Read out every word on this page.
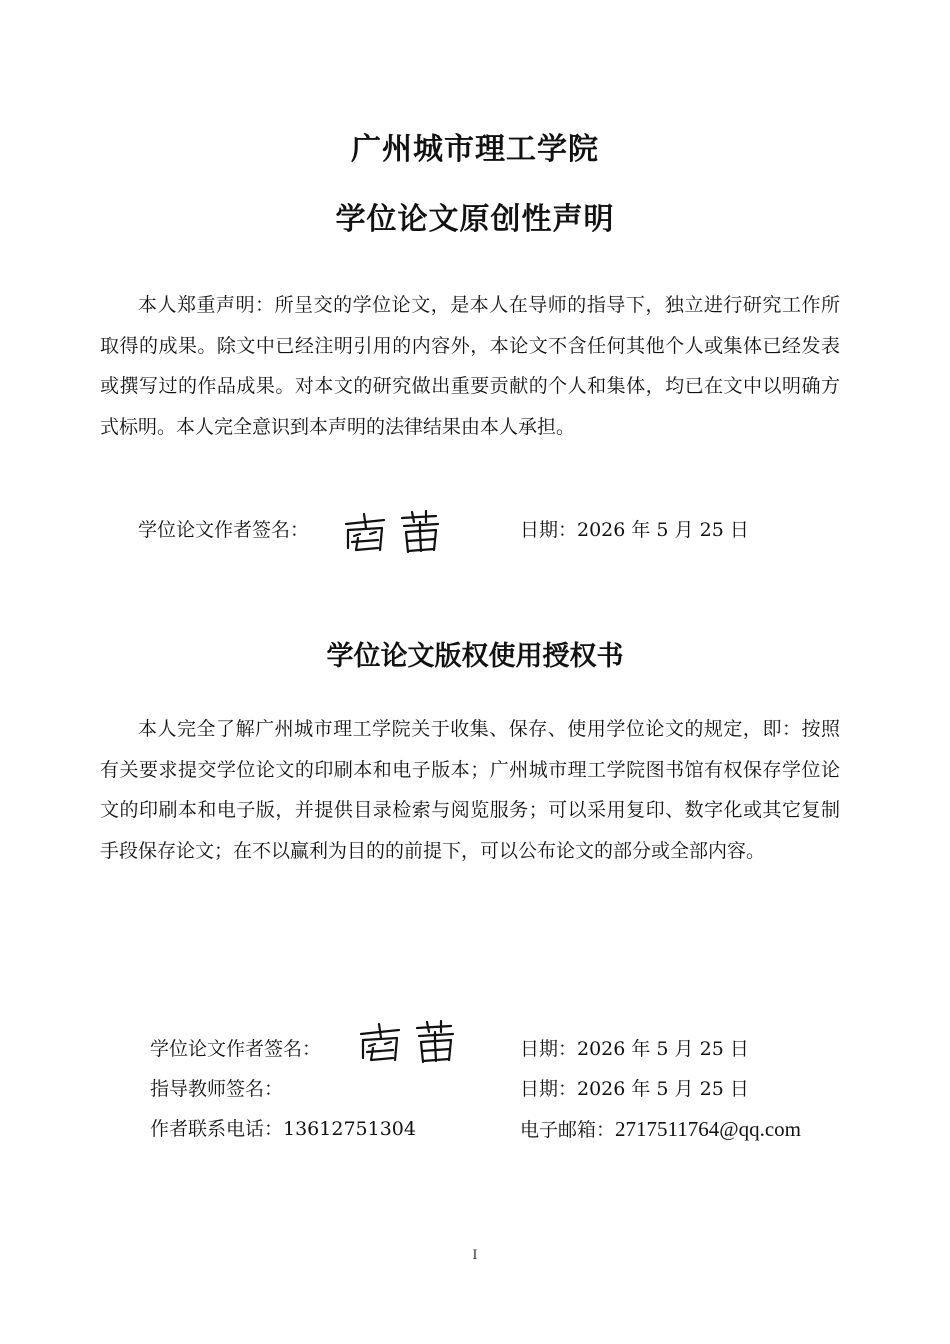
广州城市理工学院
学位论文原创性声明
本人郑重声明：所呈交的学位论文，是本人在导师的指导下，独立进行研究工作所取得的成果。除文中已经注明引用的内容外，本论文不含任何其他个人或集体已经发表或撰写过的作品成果。对本文的研究做出重要贡献的个人和集体，均已在文中以明确方式标明。本人完全意识到本声明的法律结果由本人承担。
学位论文作者签名：	日期：2026 年 5 月 25 日
学位论文版权使用授权书
本人完全了解广州城市理工学院关于收集、保存、使用学位论文的规定，即：按照有关要求提交学位论文的印刷本和电子版本；广州城市理工学院图书馆有权保存学位论文的印刷本和电子版，并提供目录检索与阅览服务；可以采用复印、数字化或其它复制手段保存论文；在不以赢利为目的的前提下，可以公布论文的部分或全部内容。
学位论文作者签名：	日期：2026 年 5 月 25 日
指导教师签名：	日期：2026 年 5 月 25 日
作者联系电话：13612751304	电子邮箱：2717511764@qq.com
I
